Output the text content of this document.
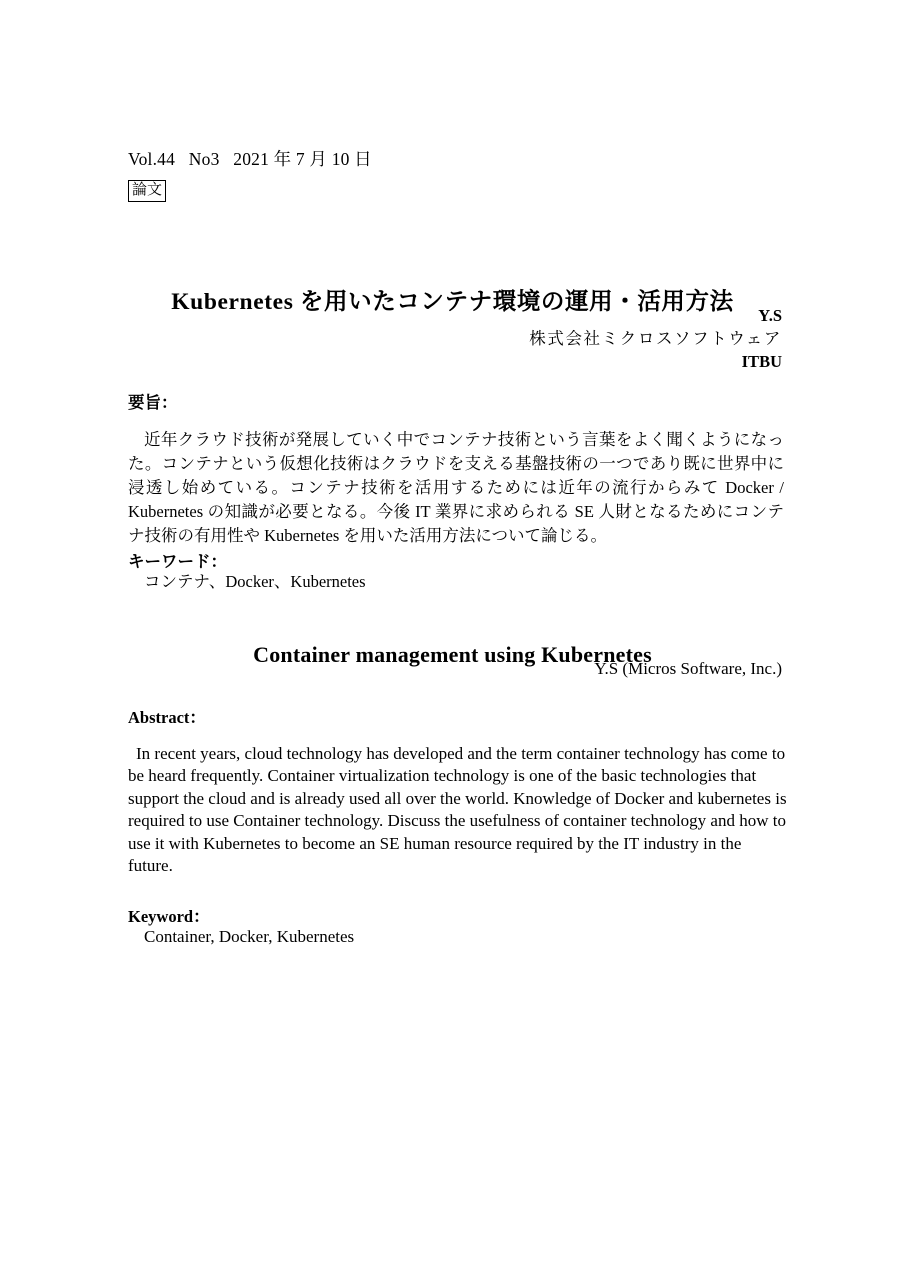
Vol.44   No3   2021 年 7 月 10 日
論文
Kubernetes を用いたコンテナ環境の運用・活用方法
Y.S
株式会社ミクロスソフトウェア
ITBU
要旨：

近年クラウド技術が発展していく中でコンテナ技術という言葉をよく聞くようになった。コンテナという仮想化技術はクラウドを支える基盤技術の一つであり既に世界中に浸透し始めている。コンテナ技術を活用するためには近年の流行からみて Docker / Kubernetes の知識が必要となる。今後 IT 業界に求められる SE 人財となるためにコンテナ技術の有用性や Kubernetes を用いた活用方法について論じる。

キーワード：
コンテナ、Docker、Kubernetes
Container management using Kubernetes
Y.S (Micros Software, Inc.)
Abstract：

In recent years, cloud technology has developed and the term container technology has come to be heard frequently. Container virtualization technology is one of the basic technologies that support the cloud and is already used all over the world. Knowledge of Docker and kubernetes is required to use Container technology. Discuss the usefulness of container technology and how to use it with Kubernetes to become an SE human resource required by the IT industry in the future.

Keyword：
Container, Docker, Kubernetes
